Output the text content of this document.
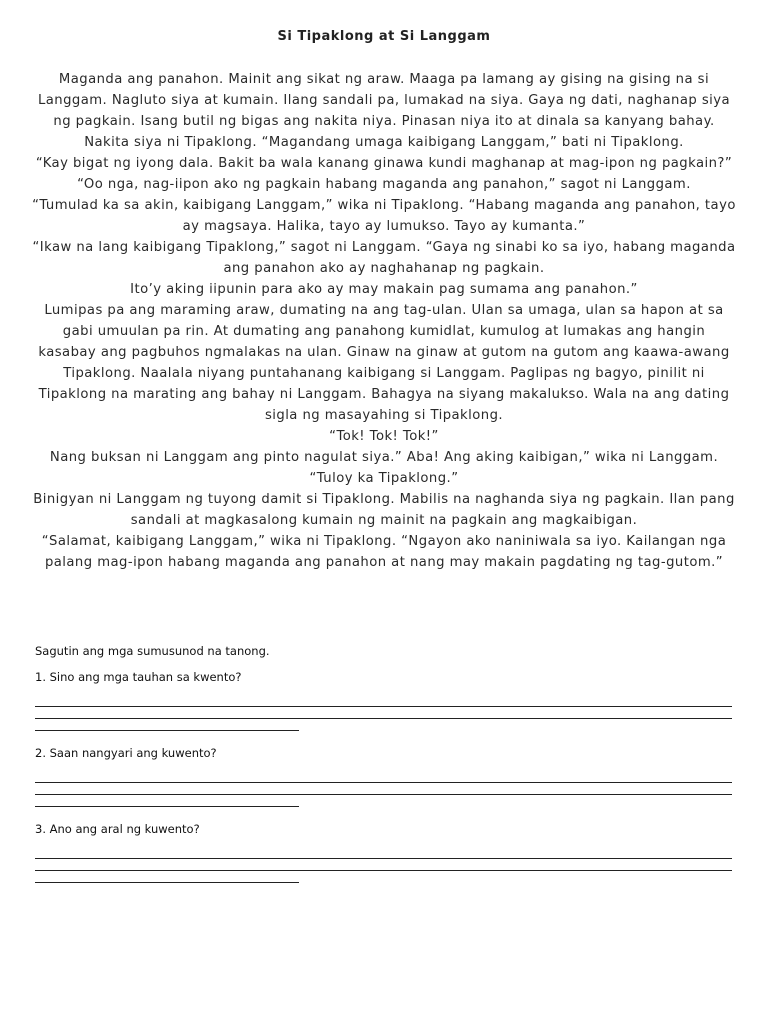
Si Tipaklong at Si Langgam

Maganda ang panahon. Mainit ang sikat ng araw. Maaga pa lamang ay gising na gising na si Langgam. Nagluto siya at kumain. Ilang sandali pa, lumakad na siya. Gaya ng dati, naghanap siya ng pagkain. Isang butil ng bigas ang nakita niya. Pinasan niya ito at dinala sa kanyang bahay. Nakita siya ni Tipaklong. “Magandang umaga kaibigang Langgam,” bati ni Tipaklong.

“Kay bigat ng iyong dala. Bakit ba wala kanang ginawa kundi maghanap at mag-ipon ng pagkain?”

“Oo nga, nag-iipon ako ng pagkain habang maganda ang panahon,” sagot ni Langgam.

“Tumulad ka sa akin, kaibigang Langgam,” wika ni Tipaklong. “Habang maganda ang panahon, tayo ay magsaya. Halika, tayo ay lumukso. Tayo ay kumanta.”

“Ikaw na lang kaibigang Tipaklong,” sagot ni Langgam. “Gaya ng sinabi ko sa iyo, habang maganda ang panahon ako ay naghahanap ng pagkain.

Ito’y aking iipunin para ako ay may makain pag sumama ang panahon.”

Lumipas pa ang maraming araw, dumating na ang tag-ulan. Ulan sa umaga, ulan sa hapon at sa gabi umuulan pa rin. At dumating ang panahong kumidlat, kumulog at lumakas ang hangin kasabay ang pagbuhos ngmalakas na ulan. Ginaw na ginaw at gutom na gutom ang kaawa-awang Tipaklong. Naalala niyang puntahanang kaibigang si Langgam. Paglipas ng bagyo, pinilit ni Tipaklong na marating ang bahay ni Langgam. Bahagya na siyang makalukso. Wala na ang dating sigla ng masayahing si Tipaklong.

“Tok! Tok! Tok!”

Nang buksan ni Langgam ang pinto nagulat siya.” Aba! Ang aking kaibigan,” wika ni Langgam.

“Tuloy ka Tipaklong.”

Binigyan ni Langgam ng tuyong damit si Tipaklong. Mabilis na naghanda siya ng pagkain. Ilan pang sandali at magkasalong kumain ng mainit na pagkain ang magkaibigan.

“Salamat, kaibigang Langgam,” wika ni Tipaklong. “Ngayon ako naniniwala sa iyo. Kailangan nga palang mag-ipon habang maganda ang panahon at nang may makain pagdating ng tag-gutom.”

Sagutin ang mga sumusunod na tanong.

1. Sino ang mga tauhan sa kwento?

2. Saan nangyari ang kuwento?

3. Ano ang aral ng kuwento?
